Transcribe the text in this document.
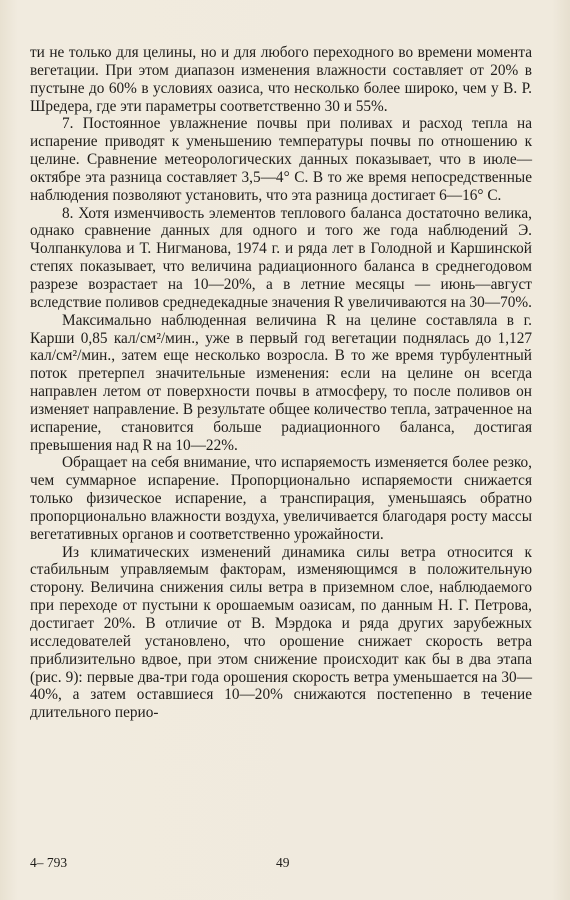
ти не только для целины, но и для любого переходного во времени момента вегетации. При этом диапазон изменения влажности составляет от 20% в пустыне до 60% в условиях оазиса, что несколько более широко, чем у В. Р. Шредера, где эти параметры соответственно 30 и 55%.

7. Постоянное увлажнение почвы при поливах и расход тепла на испарение приводят к уменьшению температуры почвы по отношению к целине. Сравнение метеорологических данных показывает, что в июле—октябре эта разница составляет 3,5—4° С. В то же время непосредственные наблюдения позволяют установить, что эта разница достигает 6—16° С.

8. Хотя изменчивость элементов теплового баланса достаточно велика, однако сравнение данных для одного и того же года наблюдений Э. Чолпанкулова и Т. Нигманова, 1974 г. и ряда лет в Голодной и Каршинской степях показывает, что величина радиационного баланса в среднегодовом разрезе возрастает на 10—20%, а в летние месяцы — июнь—август вследствие поливов среднедекадные значения R увеличиваются на 30—70%.

Максимально наблюденная величина R на целине составляла в г. Карши 0,85 кал/см²/мин., уже в первый год вегетации поднялась до 1,127 кал/см²/мин., затем еще несколько возросла. В то же время турбулентный поток претерпел значительные изменения: если на целине он всегда направлен летом от поверхности почвы в атмосферу, то после поливов он изменяет направление. В результате общее количество тепла, затраченное на испарение, становится больше радиационного баланса, достигая превышения над R на 10—22%.

Обращает на себя внимание, что испаряемость изменяется более резко, чем суммарное испарение. Пропорционально испаряемости снижается только физическое испарение, а транспирация, уменьшаясь обратно пропорционально влажности воздуха, увеличивается благодаря росту массы вегетативных органов и соответственно урожайности.

Из климатических изменений динамика силы ветра относится к стабильным управляемым факторам, изменяющимся в положительную сторону. Величина снижения силы ветра в приземном слое, наблюдаемого при переходе от пустыни к орошаемым оазисам, по данным Н. Г. Петрова, достигает 20%. В отличие от В. Мэрдока и ряда других зарубежных исследователей установлено, что орошение снижает скорость ветра приблизительно вдвое, при этом снижение происходит как бы в два этапа (рис. 9): первые два-три года орошения скорость ветра уменьшается на 30—40%, а затем оставшиеся 10—20% снижаются постепенно в течение длительного перио-

4– 793	49
